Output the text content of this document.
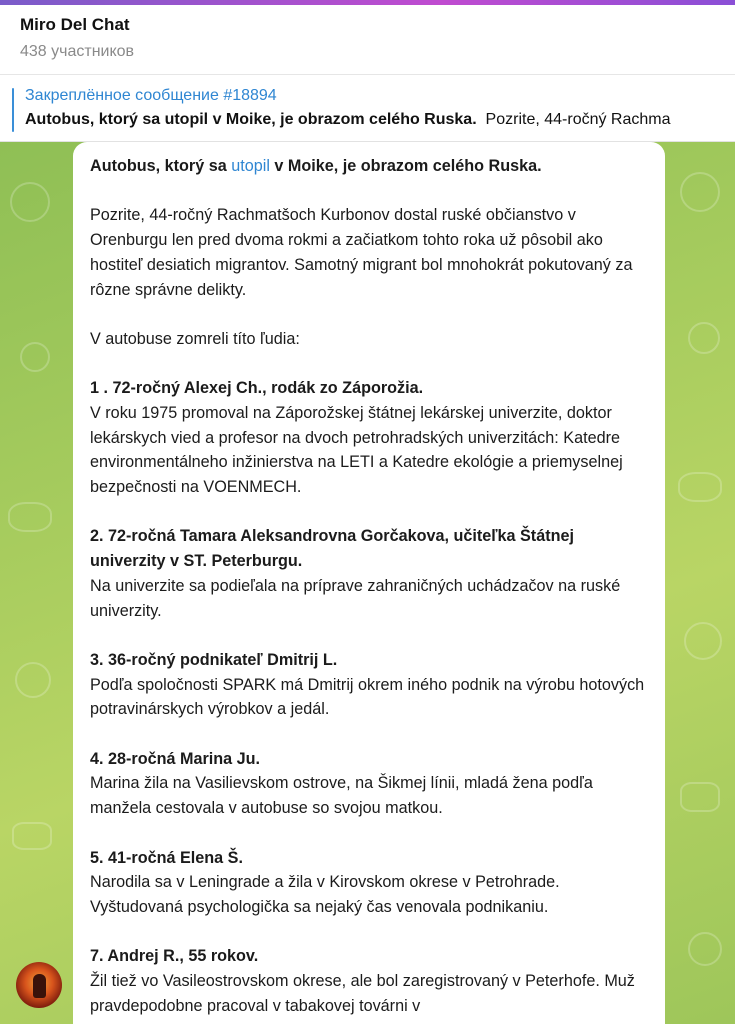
Miro Del Chat
438 участников
Закреплённое сообщение #18894
Autobus, ktorý sa utopil v Moike, je obrazom celého Ruska. Pozrite, 44-ročný Rachma

Autobus, ktorý sa utopil v Moike, je obrazom celého Ruska.

Pozrite, 44-ročný Rachmatšoch Kurbonov dostal ruské občianstvo v Orenburgu len pred dvoma rokmi a začiatkom tohto roka už pôsobil ako hostiteľ desiatich migrantov. Samotný migrant bol mnohokrát pokutovaný za rôzne správne delikty.

V autobuse zomreli títo ľudia:

1 . 72-ročný Alexej Ch., rodák zo Záporožia.
V roku 1975 promoval na Záporožskej štátnej lekárskej univerzite, doktor lekárskych vied a profesor na dvoch petrohradských univerzitách: Katedre environmentálneho inžinierstva na LETI a Katedre ekológie a priemyselnej bezpečnosti na VOENMECH.

2. 72-ročná Tamara Aleksandrovna Gorčakova, učiteľka Štátnej univerzity v ST. Peterburgu.
Na univerzite sa podieľala na príprave zahraničných uchádzačov na ruské univerzity.

3. 36-ročný podnikateľ Dmitrij L.
Podľa spoločnosti SPARK má Dmitrij okrem iného podnik na výrobu hotových potravinárskych výrobkov a jedál.

4. 28-ročná Marina Ju.
Marina žila na Vasilievskom ostrove, na Šikmej línii, mladá žena podľa manžela cestovala v autobuse so svojou matkou.

5. 41-ročná Elena Š.
Narodila sa v Leningrade a žila v Kirovskom okrese v Petrohrade. Vyštudovaná psychologička sa nejaký čas venovala podnikaniu.

7. Andrej R., 55 rokov.
Žil tiež vo Vasileostrovskom okrese, ale bol zaregistrovaný v Peterhofe. Muž pravdepodobne pracoval v tabakovej továrni v
